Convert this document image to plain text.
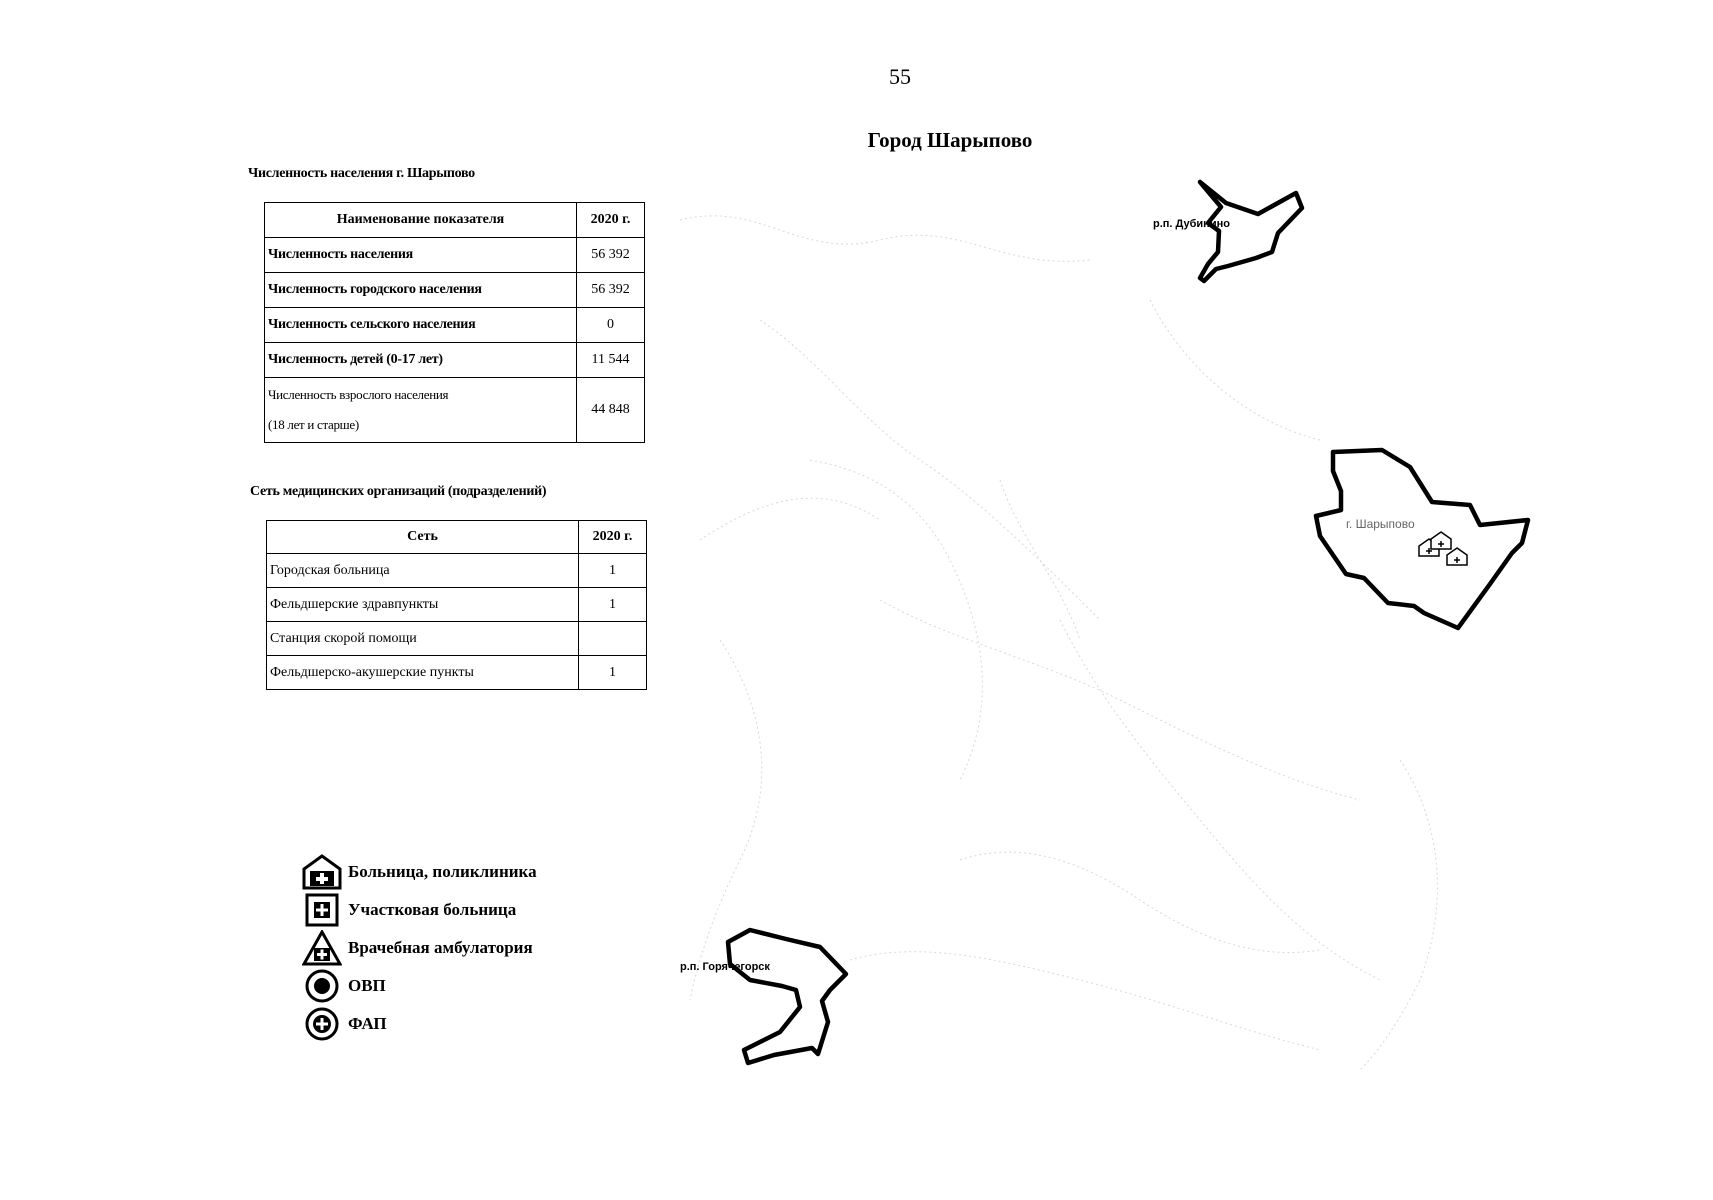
55
Город Шарыпово
Численность населения г. Шарыпово
Наименование показателя	2020 г.
Численность населения	56 392
Численность городского населения	56 392
Численность сельского населения	0
Численность детей (0-17 лет)	11 544

Численность взрослого населения
(18 лет и старше)	44 848
Сеть медицинских организаций (подразделений)
Сеть	2020 г.
Городская больница	1
Фельдшерские здравпункты	1
Станция скорой помощи	
Фельдшерско-акушерские пункты	1
Больница, поликлиника
Участковая больница
Врачебная амбулатория
ОВП
ФАП
р.п. Дубинино
г. Шарыпово
р.п. Горячегорск
